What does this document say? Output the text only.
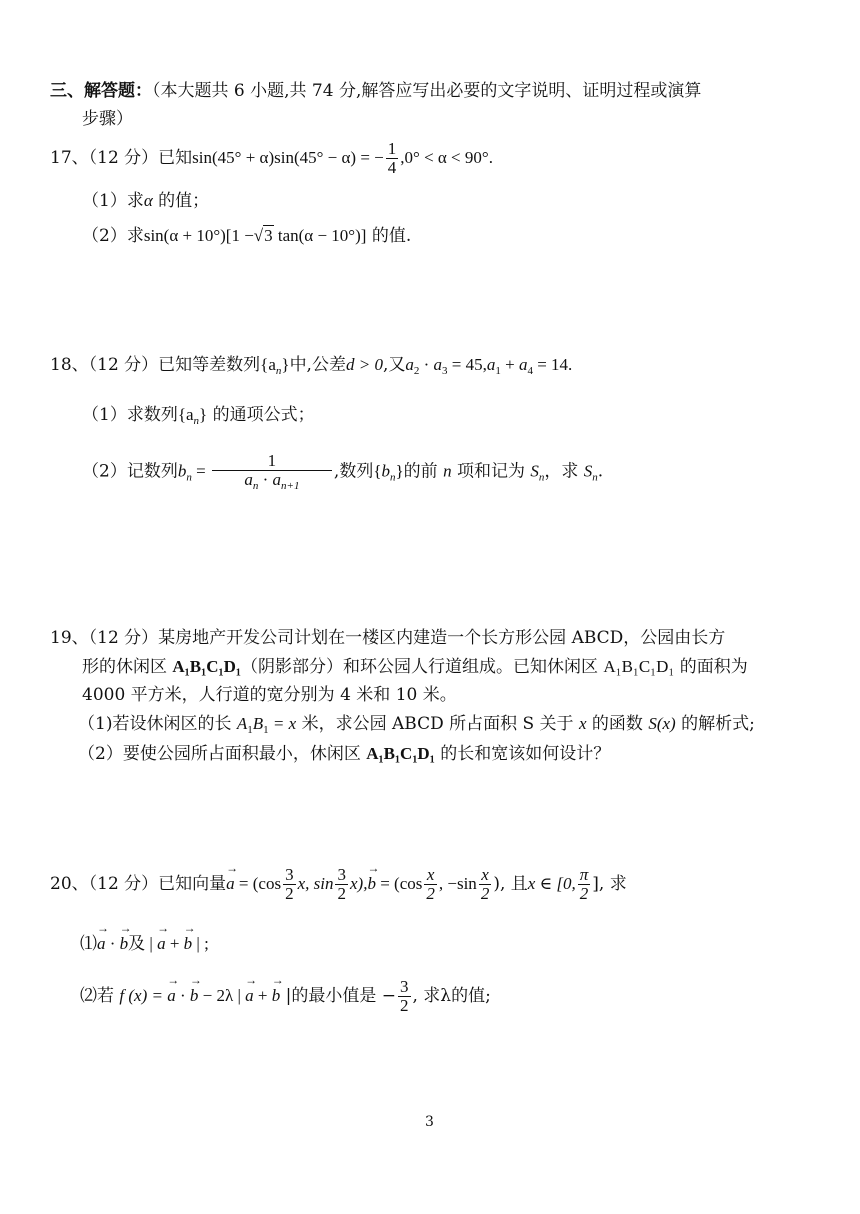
三、解答题：（本大题共 6 小题,共 74 分,解答应写出必要的文字说明、证明过程或演算
步骤）
17、（12 分）已知sin(45° + α)sin(45° − α) = − $\frac{1}{4} ,0^\circ < \alpha < 90^\circ$.
（1）求α 的值；
（2）求sin(α + 10°)[1 −√3 tan(α − 10°)] 的值.
18、（12 分）已知等差数列$\{a_n\}$中,公差d > 0,又$a_2 \cdot a_3 = 45,a_1 + a_4 = 14$.
（1）求数列$\{a_n\}$ 的通项公式；
（2）记数列$b_n = \frac{1}{a_n \cdot a_{n+1}}$ ,数列$\{b_n\}$的前 n 项和记为 $S_n$，求 $S_n$.
19、（12 分）某房地产开发公司计划在一楼区内建造一个长方形公园 ABCD，公园由长方
形的休闲区 A₁B₁C₁D₁（阴影部分）和环公园人行道组成。已知休闲区 A₁B₁C₁D₁ 的面积为
4000 平方米，人行道的宽分别为 4 米和 10 米。
（1)若设休闲区的长 $A_1B_1 = x$ 米，求公园 ABCD 所占面积 S 关于 x 的函数 S(x) 的解析式;
（2）要使公园所占面积最小，休闲区 A₁B₁C₁D₁ 的长和宽该如何设计？
20、（12 分）已知向量→ $a = (\cos \frac{3}{2} x$, $\sin \frac{3}{2} x),\to b = (\cos \frac{x}{2}$ , $-\sin \frac{x}{2}$ ), 且x ∈ [0, $\frac{\pi}{2}$ ], 求
⑴→ a · → b及 | → a + → b | ;
⑵若 f (x) = → a · → b − 2λ | → a + → b |的最小值是 − $\frac{3}{2}$ , 求λ的值;
3
